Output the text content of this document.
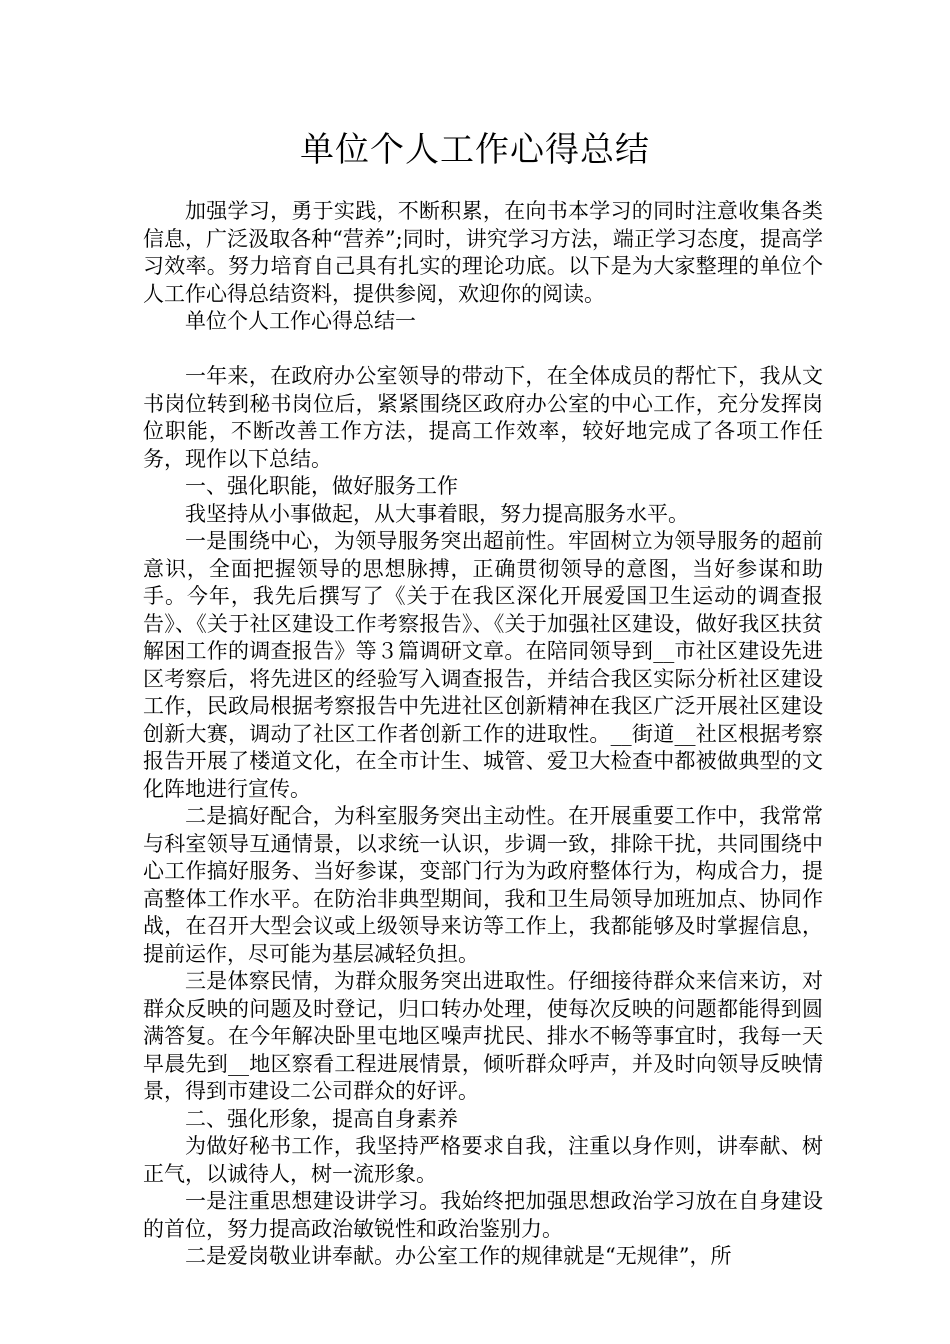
单位个人工作心得总结

加强学习，勇于实践，不断积累，在向书本学习的同时注意收集各类信息，广泛汲取各种“营养”;同时，讲究学习方法，端正学习态度，提高学习效率。努力培育自己具有扎实的理论功底。以下是为大家整理的单位个人工作心得总结资料，提供参阅，欢迎你的阅读。

单位个人工作心得总结一

一年来，在政府办公室领导的带动下，在全体成员的帮忙下，我从文书岗位转到秘书岗位后，紧紧围绕区政府办公室的中心工作，充分发挥岗位职能，不断改善工作方法，提高工作效率，较好地完成了各项工作任务，现作以下总结。

一、强化职能，做好服务工作

我坚持从小事做起，从大事着眼，努力提高服务水平。

一是围绕中心，为领导服务突出超前性。牢固树立为领导服务的超前意识，全面把握领导的思想脉搏，正确贯彻领导的意图，当好参谋和助手。今年，我先后撰写了《关于在我区深化开展爱国卫生运动的调查报告》、《关于社区建设工作考察报告》、《关于加强社区建设，做好我区扶贫解困工作的调查报告》等３篇调研文章。在陪同领导到__市社区建设先进区考察后，将先进区的经验写入调查报告，并结合我区实际分析社区建设工作，民政局根据考察报告中先进社区创新精神在我区广泛开展社区建设创新大赛，调动了社区工作者创新工作的进取性。__街道__社区根据考察报告开展了楼道文化，在全市计生、城管、爱卫大检查中都被做典型的文化阵地进行宣传。

二是搞好配合，为科室服务突出主动性。在开展重要工作中，我常常与科室领导互通情景，以求统一认识，步调一致，排除干扰，共同围绕中心工作搞好服务、当好参谋，变部门行为为政府整体行为，构成合力，提高整体工作水平。在防治非典型期间，我和卫生局领导加班加点、协同作战，在召开大型会议或上级领导来访等工作上，我都能够及时掌握信息，提前运作，尽可能为基层减轻负担。

三是体察民情，为群众服务突出进取性。仔细接待群众来信来访，对群众反映的问题及时登记，归口转办处理，使每次反映的问题都能得到圆满答复。在今年解决卧里屯地区噪声扰民、排水不畅等事宜时，我每一天早晨先到__地区察看工程进展情景，倾听群众呼声，并及时向领导反映情景，得到市建设二公司群众的好评。

二、强化形象，提高自身素养

为做好秘书工作，我坚持严格要求自我，注重以身作则，讲奉献、树正气，以诚待人，树一流形象。

一是注重思想建设讲学习。我始终把加强思想政治学习放在自身建设的首位，努力提高政治敏锐性和政治鉴别力。

二是爱岗敬业讲奉献。办公室工作的规律就是“无规律”，所
